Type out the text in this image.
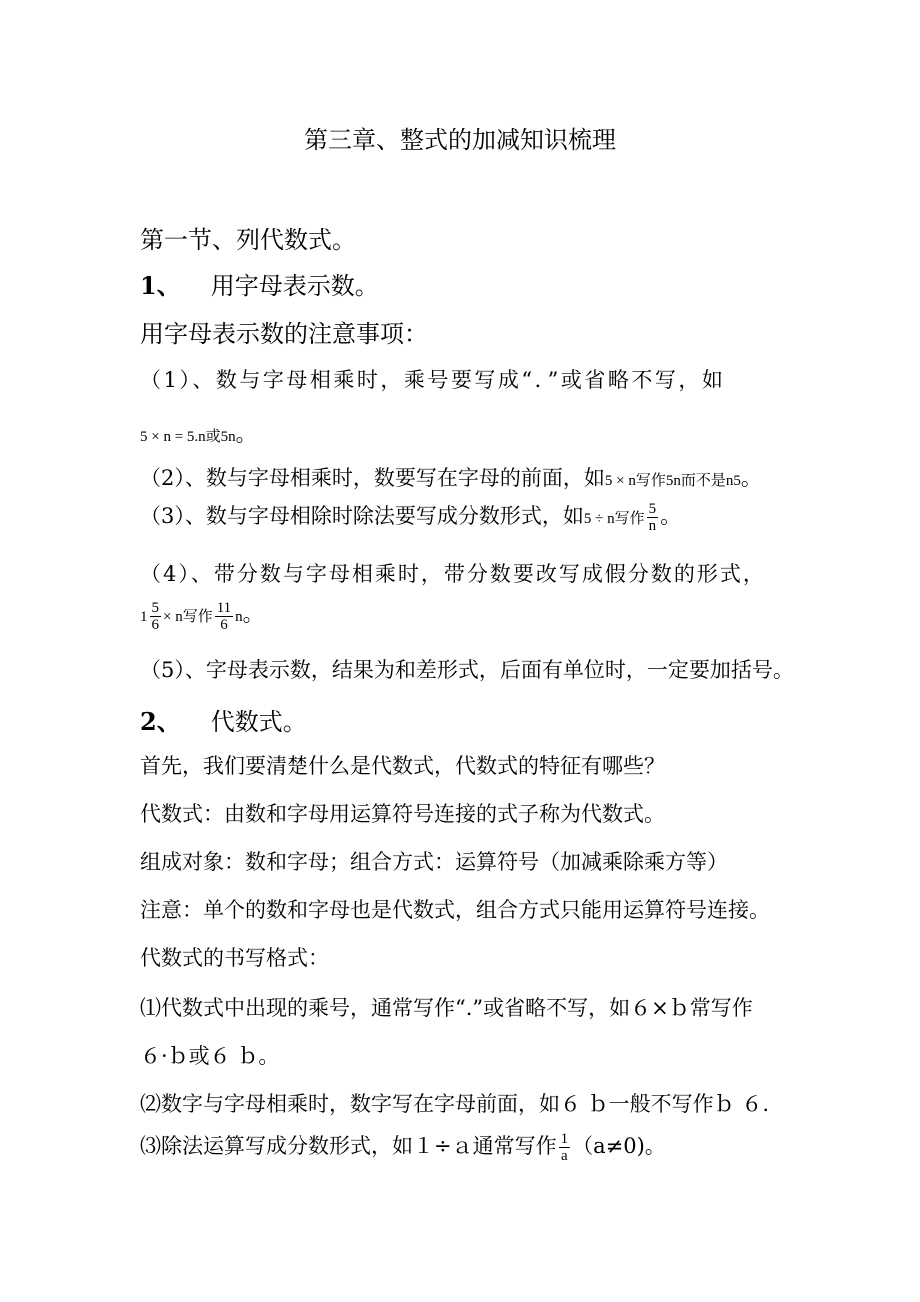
第三章、整式的加减知识梳理
第一节、列代数式。
1、 用字母表示数。
用字母表示数的注意事项：
（1）、数与字母相乘时，乘号要写成“．”或省略不写，如
5 × n = 5.n或5n。
（2）、数与字母相乘时，数要写在字母的前面，如5 × n写作5n而不是n5。
（3）、数与字母相除时除法要写成分数形式，如5 ÷ n写作 $\frac{5}{n}$ 。
（4）、带分数与字母相乘时，带分数要改写成假分数的形式，
$1 \frac{5}{6} \times n$写作 $\frac{11}{6}$ n。
（5）、字母表示数，结果为和差形式，后面有单位时，一定要加括号。
2、 代数式。
首先，我们要清楚什么是代数式，代数式的特征有哪些？
代数式：由数和字母用运算符号连接的式子称为代数式。
组成对象：数和字母；组合方式：运算符号（加减乘除乘方等）
注意：单个的数和字母也是代数式，组合方式只能用运算符号连接。
代数式的书写格式：
⑴代数式中出现的乘号，通常写作“.”或省略不写，如６×ｂ常写作
６·ｂ或６ ｂ。
⑵数字与字母相乘时，数字写在字母前面，如６ ｂ一般不写作ｂ ６.
⑶除法运算写成分数形式，如１÷ａ通常写作 $\frac{1}{a} (a\ne 0)$。
